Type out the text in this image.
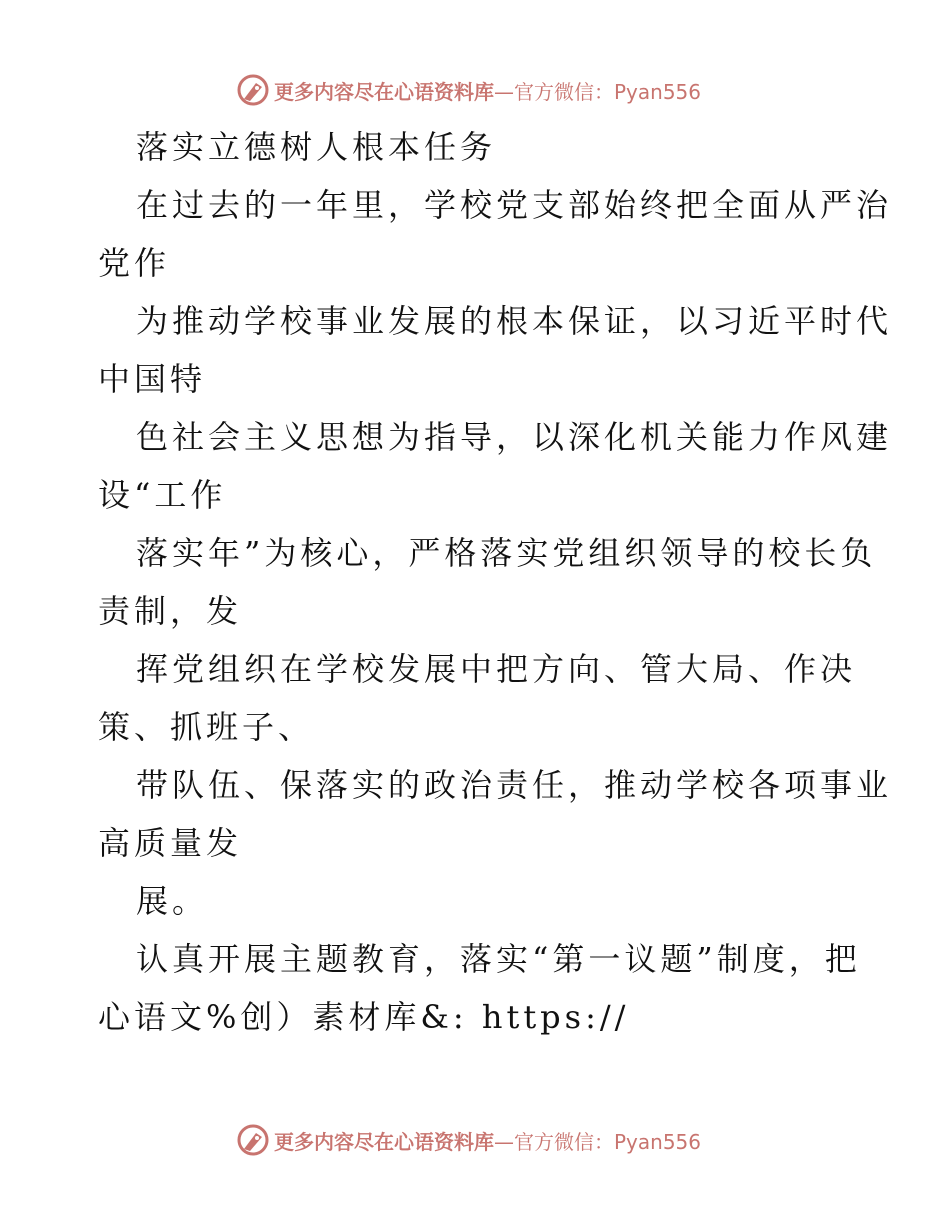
更多内容尽在心语资料库 —官方微信：Pyan556
落实立德树人根本任务
在过去的一年里，学校党支部始终把全面从严治
党作
为推动学校事业发展的根本保证，以习近平时代
中国特
色社会主义思想为指导，以深化机关能力作风建
设“工作
落实年”为核心，严格落实党组织领导的校长负
责制，发
挥党组织在学校发展中把方向、管大局、作决
策、抓班子、
带队伍、保落实的政治责任，推动学校各项事业
高质量发
展。
认真开展主题教育，落实“第一议题”制度，把
心语文%创）素材库&: https://
更多内容尽在心语资料库 —官方微信：Pyan556
